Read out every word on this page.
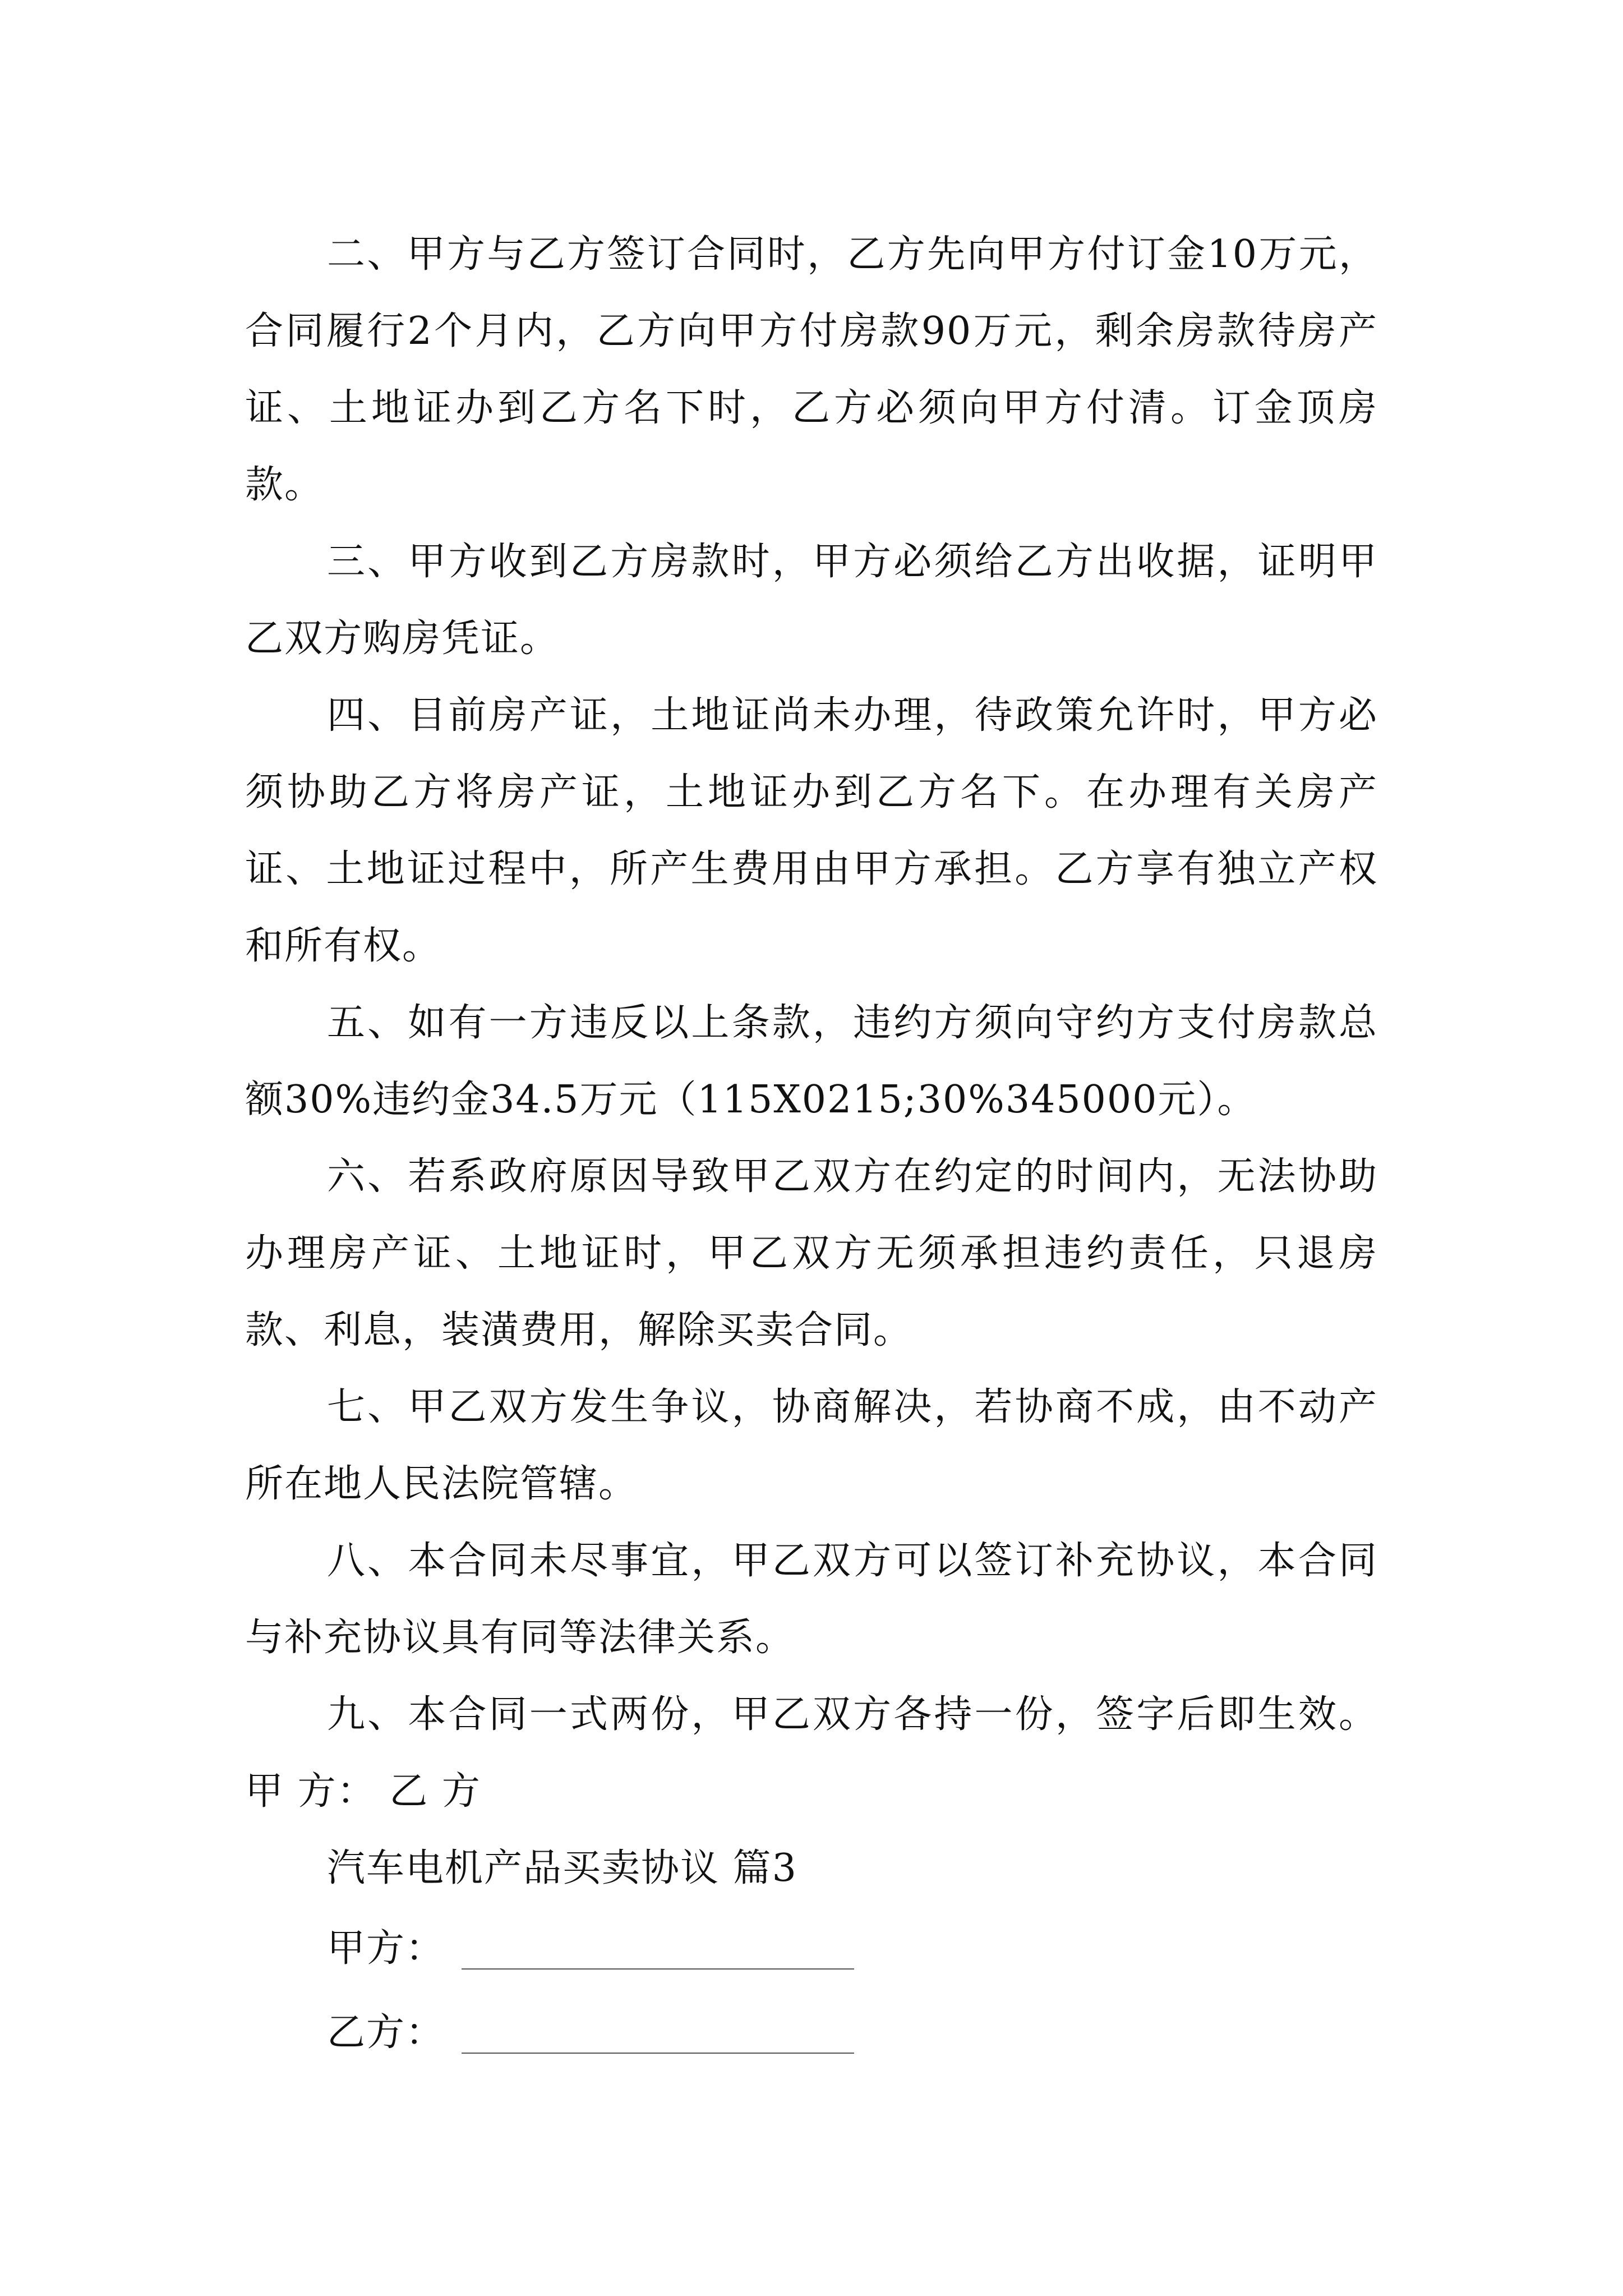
二、甲方与乙方签订合同时，乙方先向甲方付订金10万元，合同履行2个月内，乙方向甲方付房款90万元，剩余房款待房产证、土地证办到乙方名下时，乙方必须向甲方付清。订金顶房款。

三、甲方收到乙方房款时，甲方必须给乙方出收据，证明甲乙双方购房凭证。

四、目前房产证，土地证尚未办理，待政策允许时，甲方必须协助乙方将房产证，土地证办到乙方名下。在办理有关房产证、土地证过程中，所产生费用由甲方承担。乙方享有独立产权和所有权。

五、如有一方违反以上条款，违约方须向守约方支付房款总额30%违约金34.5万元（115X0215;30%345000元）。

六、若系政府原因导致甲乙双方在约定的时间内，无法协助办理房产证、土地证时，甲乙双方无须承担违约责任，只退房款、利息，装潢费用，解除买卖合同。

七、甲乙双方发生争议，协商解决，若协商不成，由不动产所在地人民法院管辖。

八、本合同未尽事宜，甲乙双方可以签订补充协议，本合同与补充协议具有同等法律关系。

九、本合同一式两份，甲乙双方各持一份，签字后即生效。甲 方： 乙 方

汽车电机产品买卖协议 篇3

甲方：
乙方：
